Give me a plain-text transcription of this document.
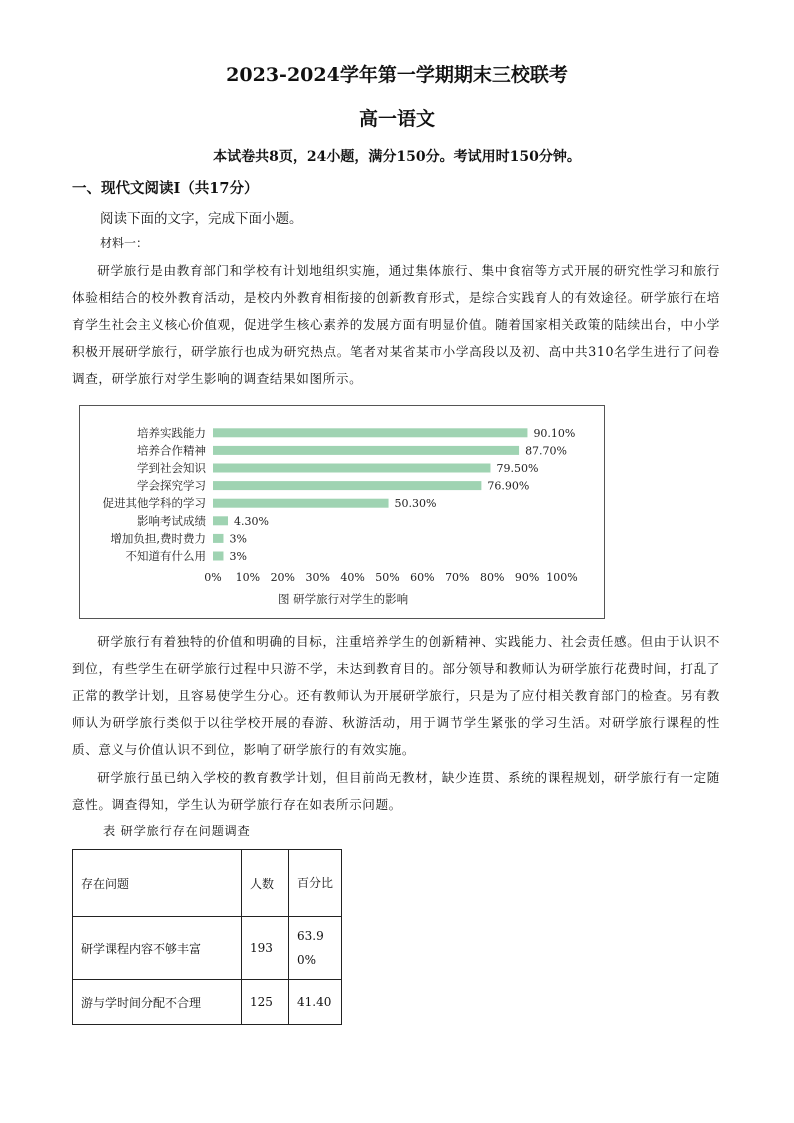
2023-2024学年第一学期期末三校联考
高一语文
本试卷共8页，24小题，满分150分。考试用时150分钟。
一、现代文阅读Ⅰ（共17分）
阅读下面的文字，完成下面小题。
材料一：
研学旅行是由教育部门和学校有计划地组织实施，通过集体旅行、集中食宿等方式开展的研究性学习和旅行体验相结合的校外教育活动，是校内外教育相衔接的创新教育形式，是综合实践育人的有效途径。研学旅行在培育学生社会主义核心价值观，促进学生核心素养的发展方面有明显价值。随着国家相关政策的陆续出台，中小学积极开展研学旅行，研学旅行也成为研究热点。笔者对某省某市小学高段以及初、高中共310名学生进行了问卷调查，研学旅行对学生影响的调查结果如图所示。
培养实践能力	90.10%
培养合作精神	87.70%
学到社会知识	79.50%
学会探究学习	76.90%
促进其他学科的学习	50.30%
影响考试成绩	4.30%
增加负担,费时费力 3%
不知道有什么用 3%
0% 10% 20% 30% 40% 50% 60% 70% 80% 90% 100%
图 研学旅行对学生的影响
研学旅行有着独特的价值和明确的目标，注重培养学生的创新精神、实践能力、社会责任感。但由于认识不到位，有些学生在研学旅行过程中只游不学，未达到教育目的。部分领导和教师认为研学旅行花费时间，打乱了正常的教学计划，且容易使学生分心。还有教师认为开展研学旅行，只是为了应付相关教育部门的检查。另有教师认为研学旅行类似于以往学校开展的春游、秋游活动，用于调节学生紧张的学习生活。对研学旅行课程的性质、意义与价值认识不到位，影响了研学旅行的有效实施。
研学旅行虽已纳入学校的教育教学计划，但目前尚无教材，缺少连贯、系统的课程规划，研学旅行有一定随意性。调查得知，学生认为研学旅行存在如表所示问题。
表 研学旅行存在问题调查
存在问题	人数	百分比
研学课程内容不够丰富	193	63.90%
游与学时间分配不合理	125	41.40
